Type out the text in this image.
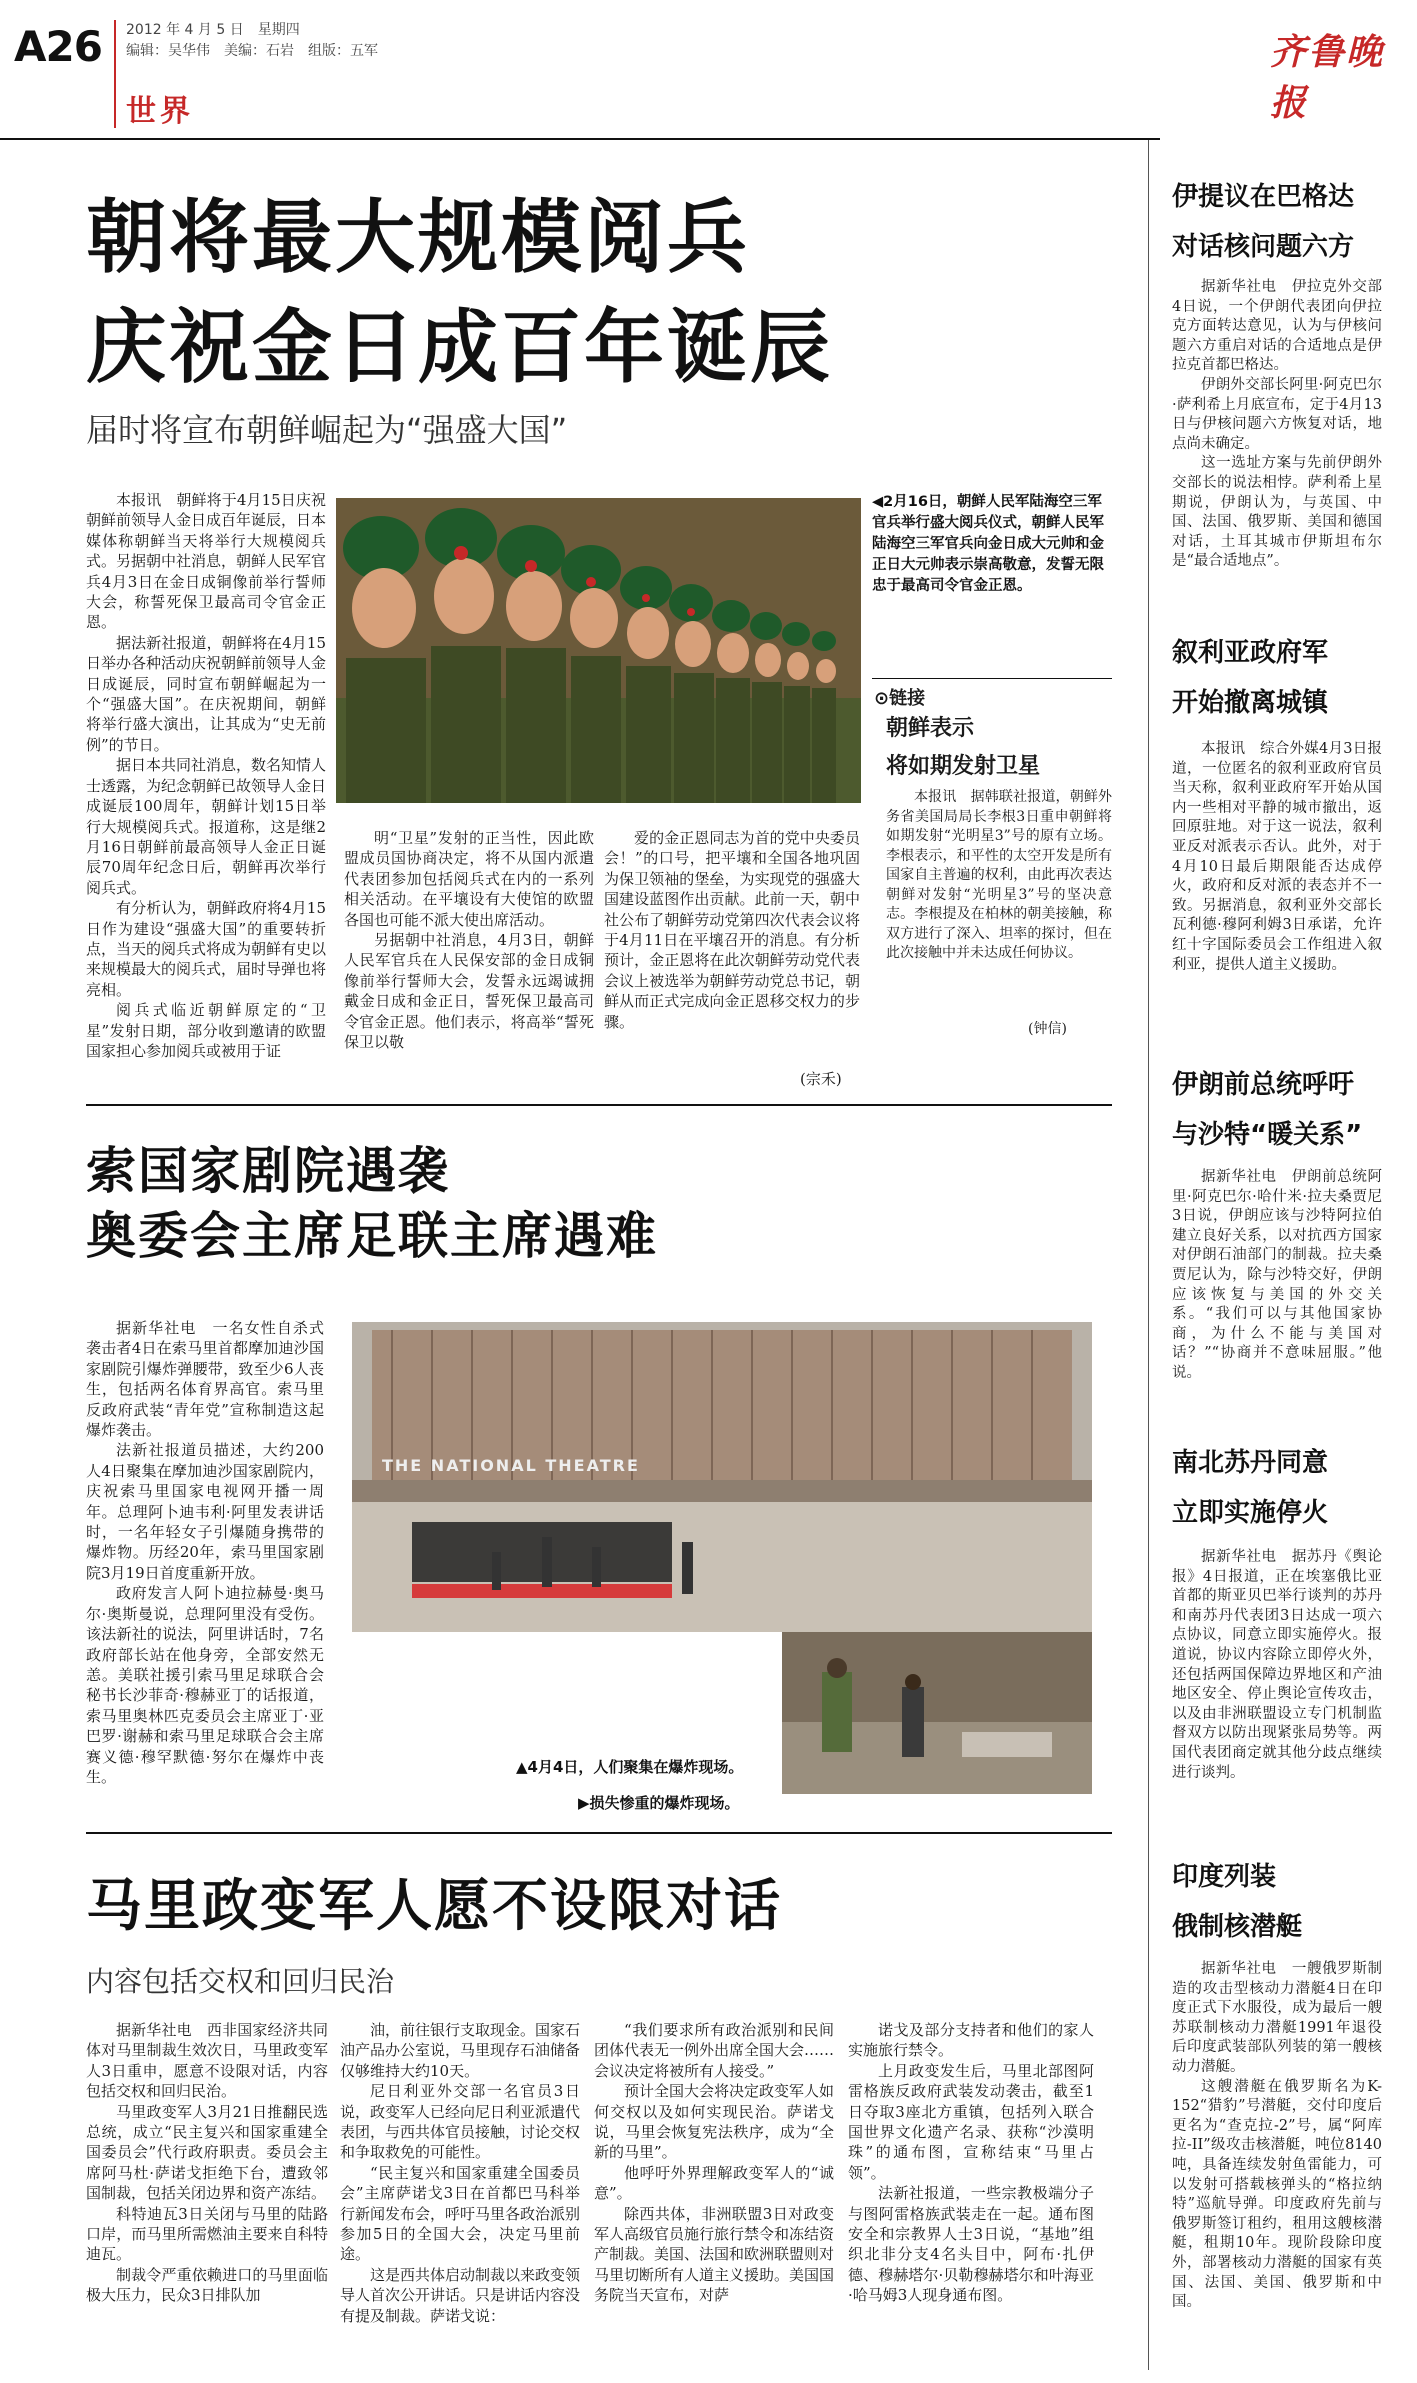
A26 2012 年 4 月 5 日　星期四
编辑：吴华伟　美编：石岩　组版：五军
世界
齐鲁晚报
朝将最大规模阅兵
庆祝金日成百年诞辰
届时将宣布朝鲜崛起为“强盛大国”

本报讯　朝鲜将于4月15日庆祝朝鲜前领导人金日成百年诞辰，日本媒体称朝鲜当天将举行大规模阅兵式。另据朝中社消息，朝鲜人民军官兵4月3日在金日成铜像前举行誓师大会，称誓死保卫最高司令官金正恩。

据法新社报道，朝鲜将在4月15日举办各种活动庆祝朝鲜前领导人金日成诞辰，同时宣布朝鲜崛起为一个“强盛大国”。在庆祝期间，朝鲜将举行盛大演出，让其成为“史无前例”的节日。

据日本共同社消息，数名知情人士透露，为纪念朝鲜已故领导人金日成诞辰100周年，朝鲜计划15日举行大规模阅兵式。报道称，这是继2月16日朝鲜前最高领导人金正日诞辰70周年纪念日后，朝鲜再次举行阅兵式。

有分析认为，朝鲜政府将4月15日作为建设“强盛大国”的重要转折点，当天的阅兵式将成为朝鲜有史以来规模最大的阅兵式，届时导弹也将亮相。

阅兵式临近朝鲜原定的“卫星”发射日期，部分收到邀请的欧盟国家担心参加阅兵或被用于证

◀2月16日，朝鲜人民军陆海空三军官兵举行盛大阅兵仪式，朝鲜人民军陆海空三军官兵向金日成大元帅和金正日大元帅表示崇高敬意，发誓无限忠于最高司令官金正恩。
⊙链接
朝鲜表示
将如期发射卫星

本报讯　据韩联社报道，朝鲜外务省美国局局长李根3日重申朝鲜将如期发射“光明星3”号的原有立场。李根表示，和平性的太空开发是所有国家自主普遍的权利，由此再次表达朝鲜对发射“光明星3”号的坚决意志。李根提及在柏林的朝美接触，称双方进行了深入、坦率的探讨，但在此次接触中并未达成任何协议。

(钟信)

明“卫星”发射的正当性，因此欧盟成员国协商决定，将不从国内派遣代表团参加包括阅兵式在内的一系列相关活动。在平壤设有大使馆的欧盟各国也可能不派大使出席活动。

另据朝中社消息，4月3日，朝鲜人民军官兵在人民保安部的金日成铜像前举行誓师大会，发誓永远竭诚拥戴金日成和金正日，誓死保卫最高司令官金正恩。他们表示，将高举“誓死保卫以敬

爱的金正恩同志为首的党中央委员会！”的口号，把平壤和全国各地巩固为保卫领袖的堡垒，为实现党的强盛大国建设蓝图作出贡献。此前一天，朝中社公布了朝鲜劳动党第四次代表会议将于4月11日在平壤召开的消息。有分析预计，金正恩将在此次朝鲜劳动党代表会议上被选举为朝鲜劳动党总书记，朝鲜从而正式完成向金正恩移交权力的步骤。

(宗禾)
索国家剧院遇袭
奥委会主席足联主席遇难

据新华社电　一名女性自杀式袭击者4日在索马里首都摩加迪沙国家剧院引爆炸弹腰带，致至少6人丧生，包括两名体育界高官。索马里反政府武装“青年党”宣称制造这起爆炸袭击。

法新社报道员描述，大约200人4日聚集在摩加迪沙国家剧院内，庆祝索马里国家电视网开播一周年。总理阿卜迪韦利·阿里发表讲话时，一名年轻女子引爆随身携带的爆炸物。历经20年，索马里国家剧院3月19日首度重新开放。

政府发言人阿卜迪拉赫曼·奥马尔·奥斯曼说，总理阿里没有受伤。该法新社的说法，阿里讲话时，7名政府部长站在他身旁，全部安然无恙。美联社援引索马里足球联合会秘书长沙菲奇·穆赫亚丁的话报道，索马里奥林匹克委员会主席亚丁·亚巴罗·谢赫和索马里足球联合会主席赛义德·穆罕默德·努尔在爆炸中丧生。

THE NATIONAL THEATRE
▲4月4日，人们聚集在爆炸现场。
▶损失惨重的爆炸现场。
马里政变军人愿不设限对话
内容包括交权和回归民治

据新华社电　西非国家经济共同体对马里制裁生效次日，马里政变军人3日重申，愿意不设限对话，内容包括交权和回归民治。

马里政变军人3月21日推翻民选总统，成立“民主复兴和国家重建全国委员会”代行政府职责。委员会主席阿马杜·萨诺戈拒绝下台，遭致邻国制裁，包括关闭边界和资产冻结。

科特迪瓦3日关闭与马里的陆路口岸，而马里所需燃油主要来自科特迪瓦。

制裁令严重依赖进口的马里面临极大压力，民众3日排队加

油，前往银行支取现金。国家石油产品办公室说，马里现存石油储备仅够维持大约10天。

尼日利亚外交部一名官员3日说，政变军人已经向尼日利亚派遣代表团，与西共体官员接触，讨论交权和争取救免的可能性。

“民主复兴和国家重建全国委员会”主席萨诺戈3日在首都巴马科举行新闻发布会，呼吁马里各政治派别参加5日的全国大会，决定马里前途。

这是西共体启动制裁以来政变领导人首次公开讲话。只是讲话内容没有提及制裁。萨诺戈说：

“我们要求所有政治派别和民间团体代表无一例外出席全国大会……会议决定将被所有人接受。”

预计全国大会将决定政变军人如何交权以及如何实现民治。萨诺戈说，马里会恢复宪法秩序，成为“全新的马里”。

他呼吁外界理解政变军人的“诚意”。

除西共体，非洲联盟3日对政变军人高级官员施行旅行禁令和冻结资产制裁。美国、法国和欧洲联盟则对马里切断所有人道主义援助。美国国务院当天宣布，对萨

诺戈及部分支持者和他们的家人实施旅行禁令。

上月政变发生后，马里北部图阿雷格族反政府武装发动袭击，截至1日夺取3座北方重镇，包括列入联合国世界文化遗产名录、获称“沙漠明珠”的通布图，宣称结束“马里占领”。

法新社报道，一些宗教极端分子与图阿雷格族武装走在一起。通布图安全和宗教界人士3日说，“基地”组织北非分支4名头目中，阿布·扎伊德、穆赫塔尔·贝勒穆赫塔尔和叶海亚·哈马姆3人现身通布图。

伊提议在巴格达
对话核问题六方

据新华社电　伊拉克外交部4日说，一个伊朗代表团向伊拉克方面转达意见，认为与伊核问题六方重启对话的合适地点是伊拉克首都巴格达。

伊朗外交部长阿里·阿克巴尔·萨利希上月底宣布，定于4月13日与伊核问题六方恢复对话，地点尚未确定。

这一选址方案与先前伊朗外交部长的说法相悖。萨利希上星期说，伊朗认为，与英国、中国、法国、俄罗斯、美国和德国对话，土耳其城市伊斯坦布尔是“最合适地点”。

叙利亚政府军
开始撤离城镇

本报讯　综合外媒4月3日报道，一位匿名的叙利亚政府官员当天称，叙利亚政府军开始从国内一些相对平静的城市撤出，返回原驻地。对于这一说法，叙利亚反对派表示否认。此外，对于4月10日最后期限能否达成停火，政府和反对派的表态并不一致。另据消息，叙利亚外交部长瓦利德·穆阿利姆3日承诺，允许红十字国际委员会工作组进入叙利亚，提供人道主义援助。

伊朗前总统呼吁
与沙特“暖关系”

据新华社电　伊朗前总统阿里·阿克巴尔·哈什米·拉夫桑贾尼3日说，伊朗应该与沙特阿拉伯建立良好关系，以对抗西方国家对伊朗石油部门的制裁。拉夫桑贾尼认为，除与沙特交好，伊朗应该恢复与美国的外交关系。“我们可以与其他国家协商，为什么不能与美国对话？”“协商并不意味屈服。”他说。

南北苏丹同意
立即实施停火

据新华社电　据苏丹《舆论报》4日报道，正在埃塞俄比亚首都的斯亚贝巴举行谈判的苏丹和南苏丹代表团3日达成一项六点协议，同意立即实施停火。报道说，协议内容除立即停火外，还包括两国保障边界地区和产油地区安全、停止舆论宣传攻击，以及由非洲联盟设立专门机制监督双方以防出现紧张局势等。两国代表团商定就其他分歧点继续进行谈判。

印度列装
俄制核潜艇

据新华社电　一艘俄罗斯制造的攻击型核动力潜艇4日在印度正式下水服役，成为最后一艘苏联制核动力潜艇1991年退役后印度武装部队列装的第一艘核动力潜艇。

这艘潜艇在俄罗斯名为K-152“猎豹”号潜艇，交付印度后更名为“查克拉-2”号，属“阿库拉-II”级攻击核潜艇，吨位8140吨，具备连续发射鱼雷能力，可以发射可搭载核弹头的“格拉纳特”巡航导弹。印度政府先前与俄罗斯签订租约，租用这艘核潜艇，租期10年。现阶段除印度外，部署核动力潜艇的国家有英国、法国、美国、俄罗斯和中国。
